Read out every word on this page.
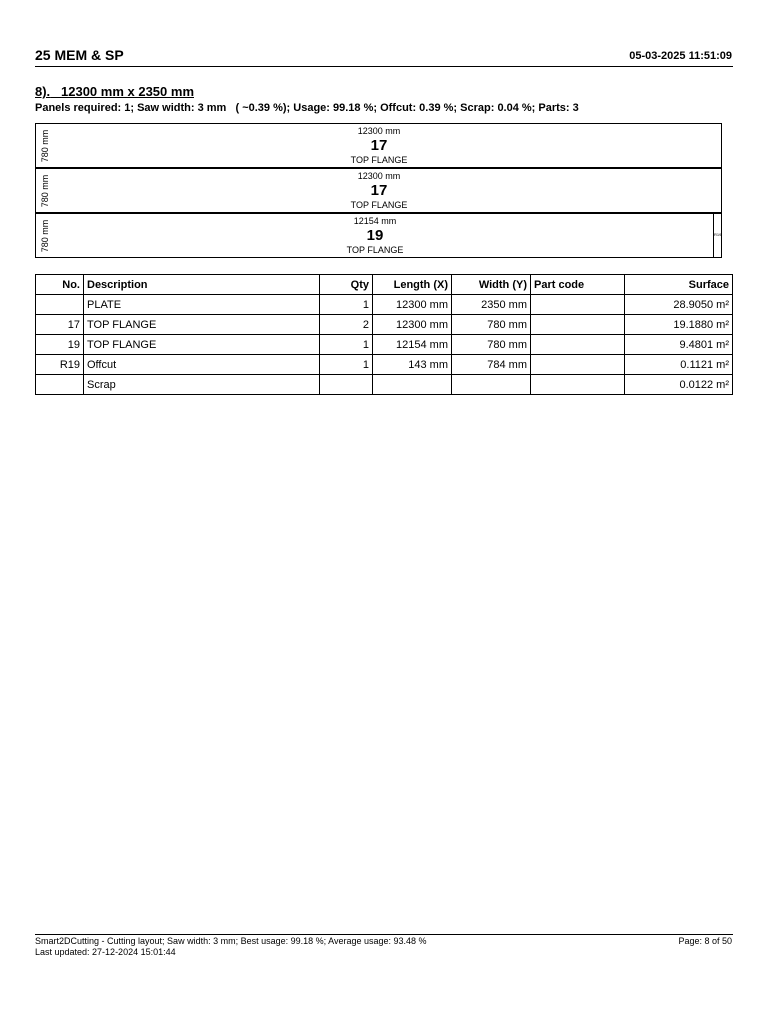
25 MEM & SP	05-03-2025 11:51:09
8). 12300 mm x 2350 mm
Panels required: 1; Saw width: 3 mm   ( ~0.39 %); Usage: 99.18 %; Offcut: 0.39 %; Scrap: 0.04 %; Parts: 3
780 mm	12300 mm
17
TOP FLANGE
780 mm	12300 mm
17
TOP FLANGE
780 mm	12154 mm
19
TOP FLANGE
R19
No.	Description	Qty	Length (X)	Width (Y)	Part code	Surface
	PLATE	1	12300 mm	2350 mm		28.9050 m²
17	TOP FLANGE	2	12300 mm	780 mm		19.1880 m²
19	TOP FLANGE	1	12154 mm	780 mm		9.4801 m²
R19	Offcut	1	143 mm	784 mm		0.1121 m²
	Scrap					0.0122 m²
Smart2DCutting - Cutting layout; Saw width: 3 mm; Best usage: 99.18 %; Average usage: 93.48 %
Last updated: 27-12-2024 15:01:44
Page: 8 of 50
